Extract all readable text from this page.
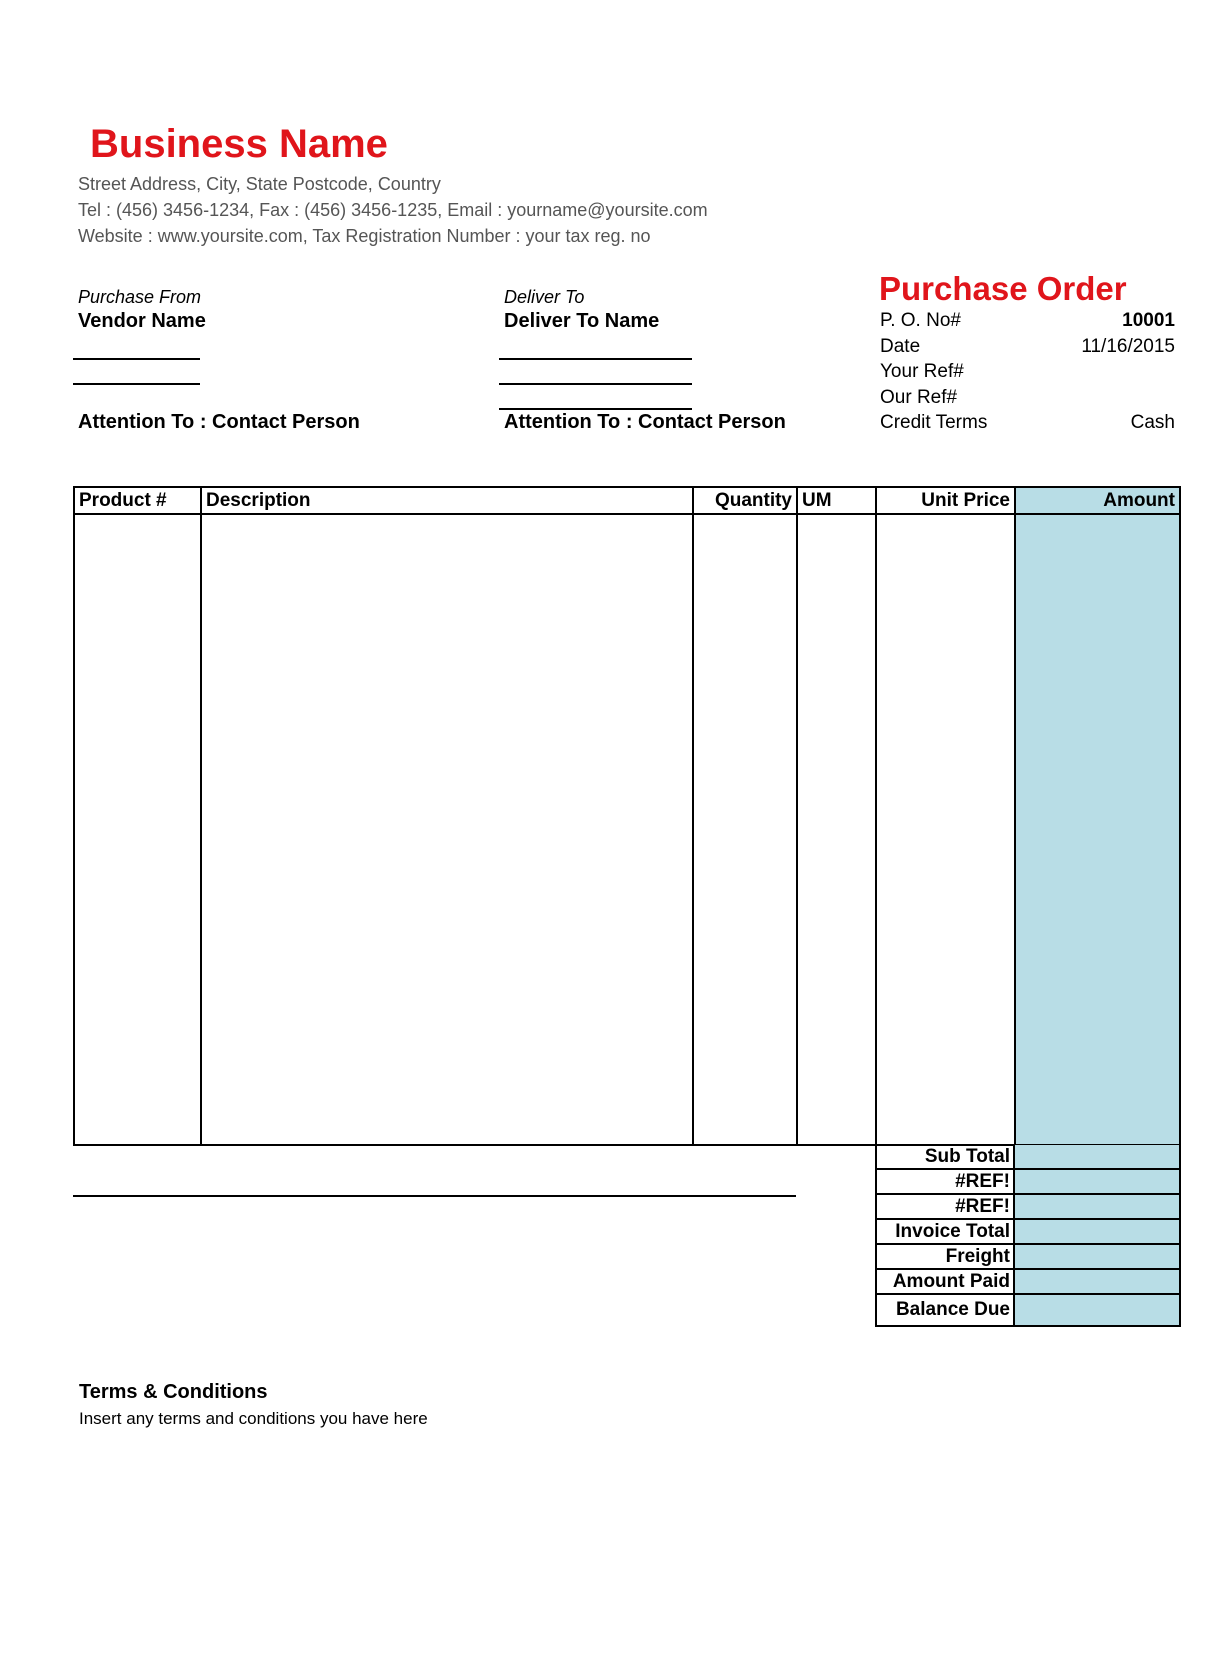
Business Name
Street Address, City, State Postcode, Country
Tel : (456) 3456-1234, Fax : (456) 3456-1235, Email : yourname@yoursite.com
Website : www.yoursite.com, Tax Registration Number : your tax reg. no
Purchase From
Vendor Name
Attention To : Contact Person
Deliver To
Deliver To Name
Attention To : Contact Person
Purchase Order
P. O. No#	10001
Date	11/16/2015
Your Ref#
Our Ref#
Credit Terms	Cash
Product #	Description	Quantity UM	Unit Price	Amount
Sub Total
#REF!
#REF!
Invoice Total
Freight
Amount Paid
Balance Due
Terms & Conditions
Insert any terms and conditions you have here
